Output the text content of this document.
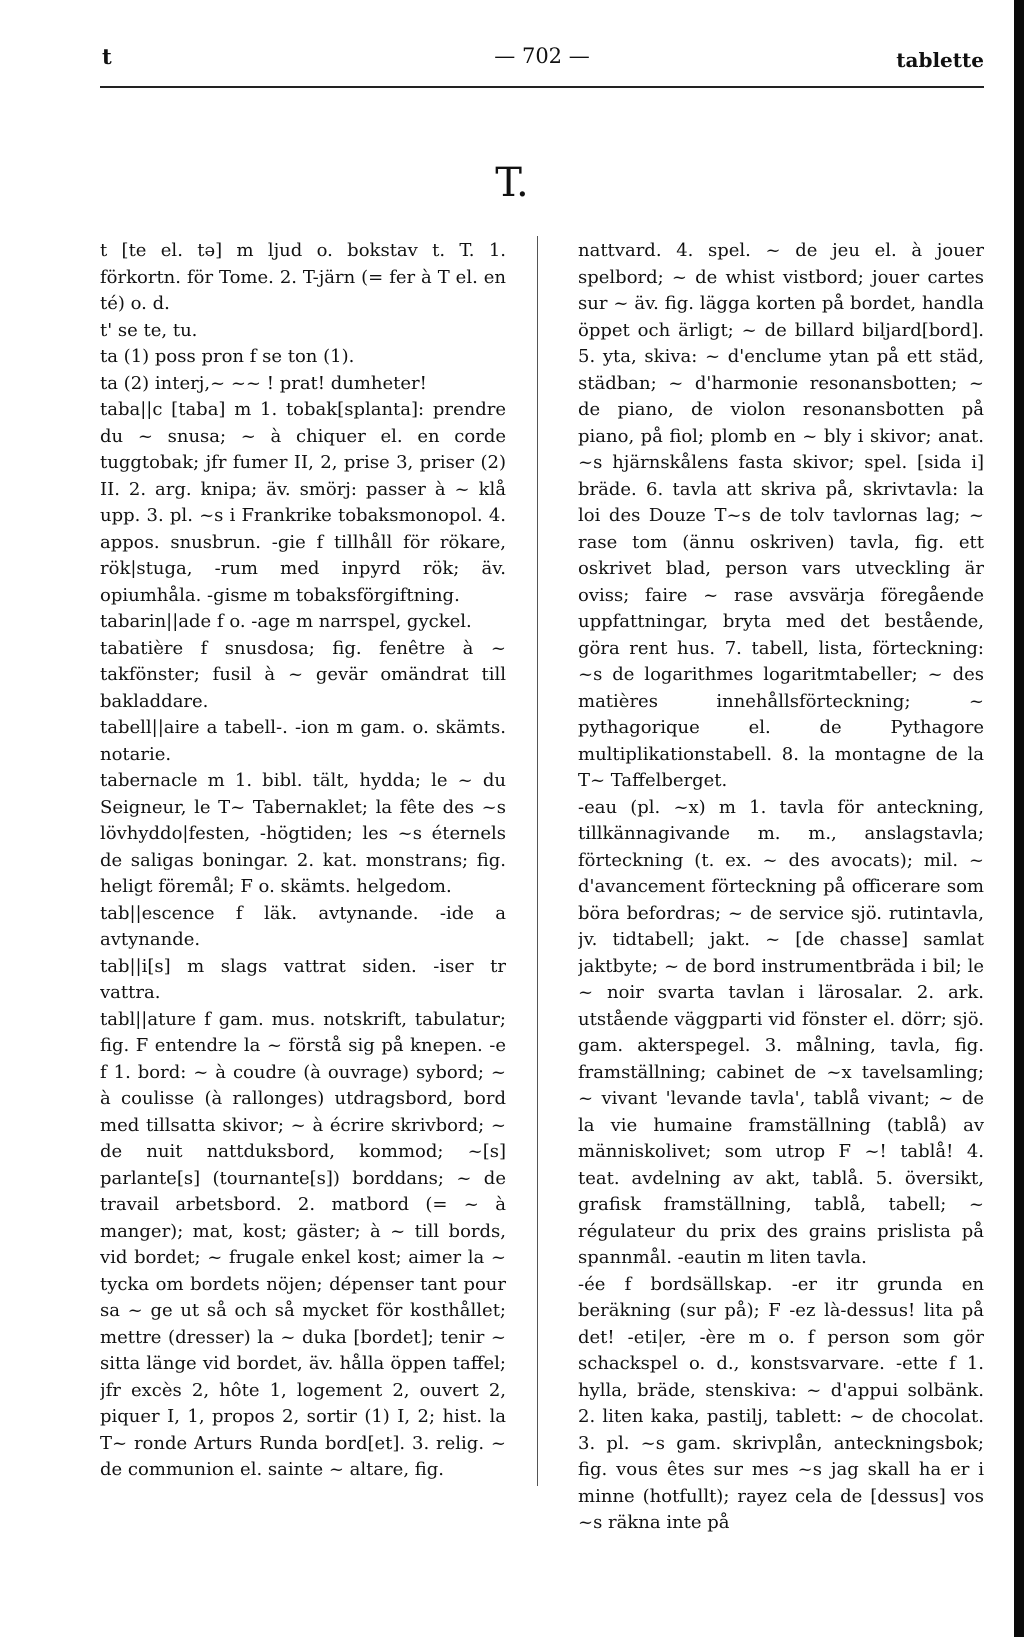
t	— 702 —	tablette
T.

t [te el. tə] m ljud o. bokstav t. T. 1. förkortn. för Tome. 2. T-järn (= fer à T el. en té) o. d.

t' se te, tu.

ta (1) poss pron f se ton (1).

ta (2) interj,~ ~~ ! prat! dumheter!

taba||c [taba] m 1. tobak[splanta]: prendre du ~ snusa; ~ à chiquer el. en corde tuggtobak; jfr fumer II, 2, prise 3, priser (2) II. 2. arg. knipa; äv. smörj: passer à ~ klå upp. 3. pl. ~s i Frankrike tobaksmonopol. 4. appos. snusbrun. -gie f tillhåll för rökare, rök|stuga, -rum med inpyrd rök; äv. opiumhåla. -gisme m tobaksförgiftning.

tabarin||ade f o. -age m narrspel, gyckel.

tabatière f snusdosa; fig. fenêtre à ~ takfönster; fusil à ~ gevär omändrat till bakladdare.

tabell||aire a tabell-. -ion m gam. o. skämts. notarie.

tabernacle m 1. bibl. tält, hydda; le ~ du Seigneur, le T~ Tabernaklet; la fête des ~s lövhyddo|festen, -högtiden; les ~s éternels de saligas boningar. 2. kat. monstrans; fig. heligt föremål; F o. skämts. helgedom.

tab||escence f läk. avtynande. -ide a avtynande.

tab||i[s] m slags vattrat siden. -iser tr vattra.

tabl||ature f gam. mus. notskrift, tabulatur; fig. F entendre la ~ förstå sig på knepen. -e f 1. bord: ~ à coudre (à ouvrage) sybord; ~ à coulisse (à rallonges) utdragsbord, bord med tillsatta skivor; ~ à écrire skrivbord; ~ de nuit nattduksbord, kommod; ~[s] parlante[s] (tournante[s]) borddans; ~ de travail arbetsbord. 2. matbord (= ~ à manger); mat, kost; gäster; à ~ till bords, vid bordet; ~ frugale enkel kost; aimer la ~ tycka om bordets nöjen; dépenser tant pour sa ~ ge ut så och så mycket för kosthållet; mettre (dresser) la ~ duka [bordet]; tenir ~ sitta länge vid bordet, äv. hålla öppen taffel; jfr excès 2, hôte 1, logement 2, ouvert 2, piquer I, 1, propos 2, sortir (1) I, 2; hist. la T~ ronde Arturs Runda bord[et]. 3. relig. ~ de communion el. sainte ~ altare, fig.

nattvard. 4. spel. ~ de jeu el. à jouer spelbord; ~ de whist vistbord; jouer cartes sur ~ äv. fig. lägga korten på bordet, handla öppet och ärligt; ~ de billard biljard[bord]. 5. yta, skiva: ~ d'enclume ytan på ett städ, städban; ~ d'harmonie resonansbotten; ~ de piano, de violon resonansbotten på piano, på fiol; plomb en ~ bly i skivor; anat. ~s hjärnskålens fasta skivor; spel. [sida i] bräde. 6. tavla att skriva på, skrivtavla: la loi des Douze T~s de tolv tavlornas lag; ~ rase tom (ännu oskriven) tavla, fig. ett oskrivet blad, person vars utveckling är oviss; faire ~ rase avsvärja föregående uppfattningar, bryta med det bestående, göra rent hus. 7. tabell, lista, förteckning: ~s de logarithmes logaritmtabeller; ~ des matières innehållsförteckning; ~ pythagorique el. de Pythagore multiplikationstabell. 8. la montagne de la T~ Taffelberget.

-eau (pl. ~x) m 1. tavla för anteckning, tillkännagivande m. m., anslagstavla; förteckning (t. ex. ~ des avocats); mil. ~ d'avancement förteckning på officerare som böra befordras; ~ de service sjö. rutintavla, jv. tidtabell; jakt. ~ [de chasse] samlat jaktbyte; ~ de bord instrumentbräda i bil; le ~ noir svarta tavlan i lärosalar. 2. ark. utstående väggparti vid fönster el. dörr; sjö. gam. akterspegel. 3. målning, tavla, fig. framställning; cabinet de ~x tavelsamling; ~ vivant 'levande tavla', tablå vivant; ~ de la vie humaine framställning (tablå) av människolivet; som utrop F ~! tablå! 4. teat. avdelning av akt, tablå. 5. översikt, grafisk framställning, tablå, tabell; ~ régulateur du prix des grains prislista på spannmål. -eautin m liten tavla.

-ée f bordsällskap. -er itr grunda en beräkning (sur på); F -ez là-dessus! lita på det! -eti|er, -ère m o. f person som gör schackspel o. d., konstsvarvare. -ette f 1. hylla, bräde, stenskiva: ~ d'appui solbänk. 2. liten kaka, pastilj, tablett: ~ de chocolat. 3. pl. ~s gam. skrivplån, anteckningsbok; fig. vous êtes sur mes ~s jag skall ha er i minne (hotfullt); rayez cela de [dessus] vos ~s räkna inte på
